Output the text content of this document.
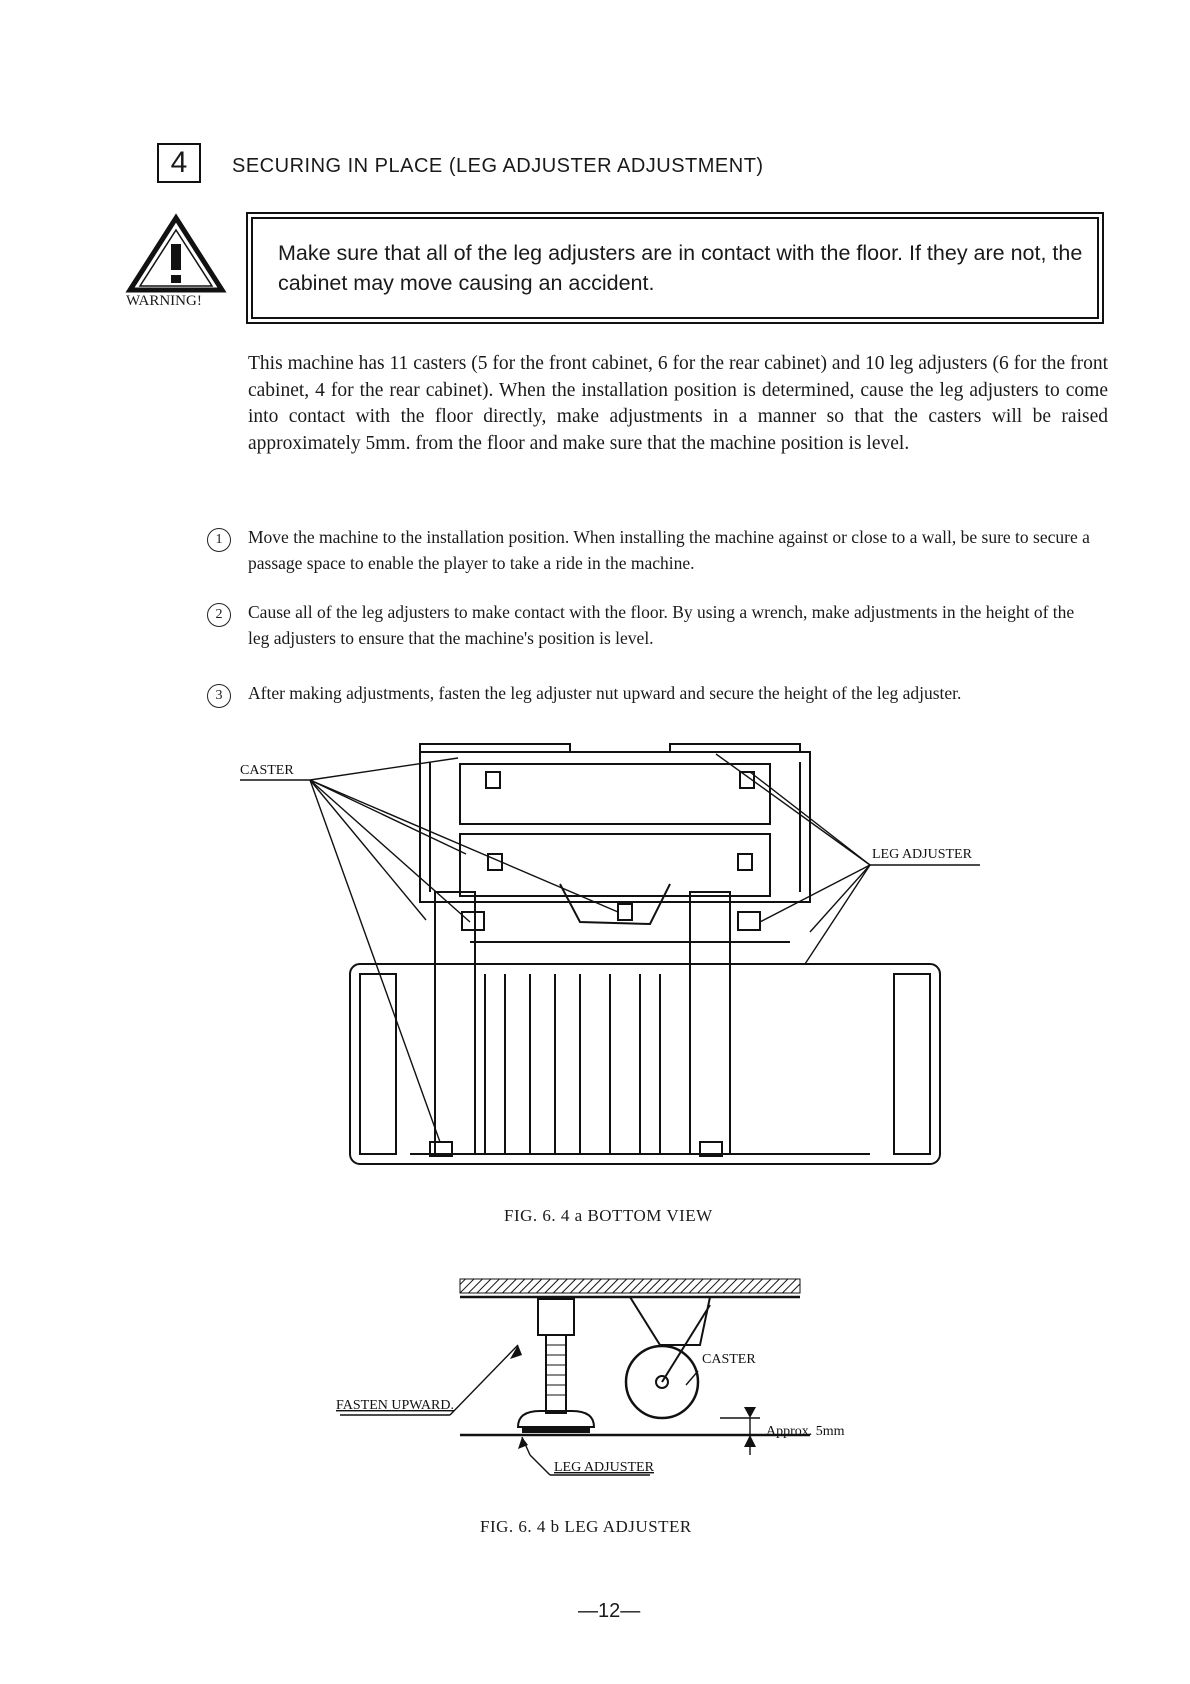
4	SECURING IN PLACE (LEG ADJUSTER ADJUSTMENT)
WARNING!
Make sure that all of the leg adjusters are in contact with the floor. If they are not, the cabinet may move causing an accident.
This machine has 11 casters (5 for the front cabinet, 6 for the rear cabinet) and 10 leg adjusters (6 for the front cabinet, 4 for the rear cabinet). When the installation position is determined, cause the leg adjusters to come into contact with the floor directly, make adjustments in a manner so that the casters will be raised approximately 5mm. from the floor and make sure that the machine position is level.
1	Move the machine to the installation position. When installing the machine against or close to a wall, be sure to secure a passage space to enable the player to take a ride in the machine.
2	Cause all of the leg adjusters to make contact with the floor. By using a wrench, make adjustments in the height of the leg adjusters to ensure that the machine's position is level.
3	After making adjustments, fasten the leg adjuster nut upward and secure the height of the leg adjuster.
CASTER
LEG ADJUSTER
FIG. 6. 4 a BOTTOM VIEW
FASTEN UPWARD.
CASTER
Approx. 5mm
LEG ADJUSTER
FIG. 6. 4 b LEG ADJUSTER
—12—
